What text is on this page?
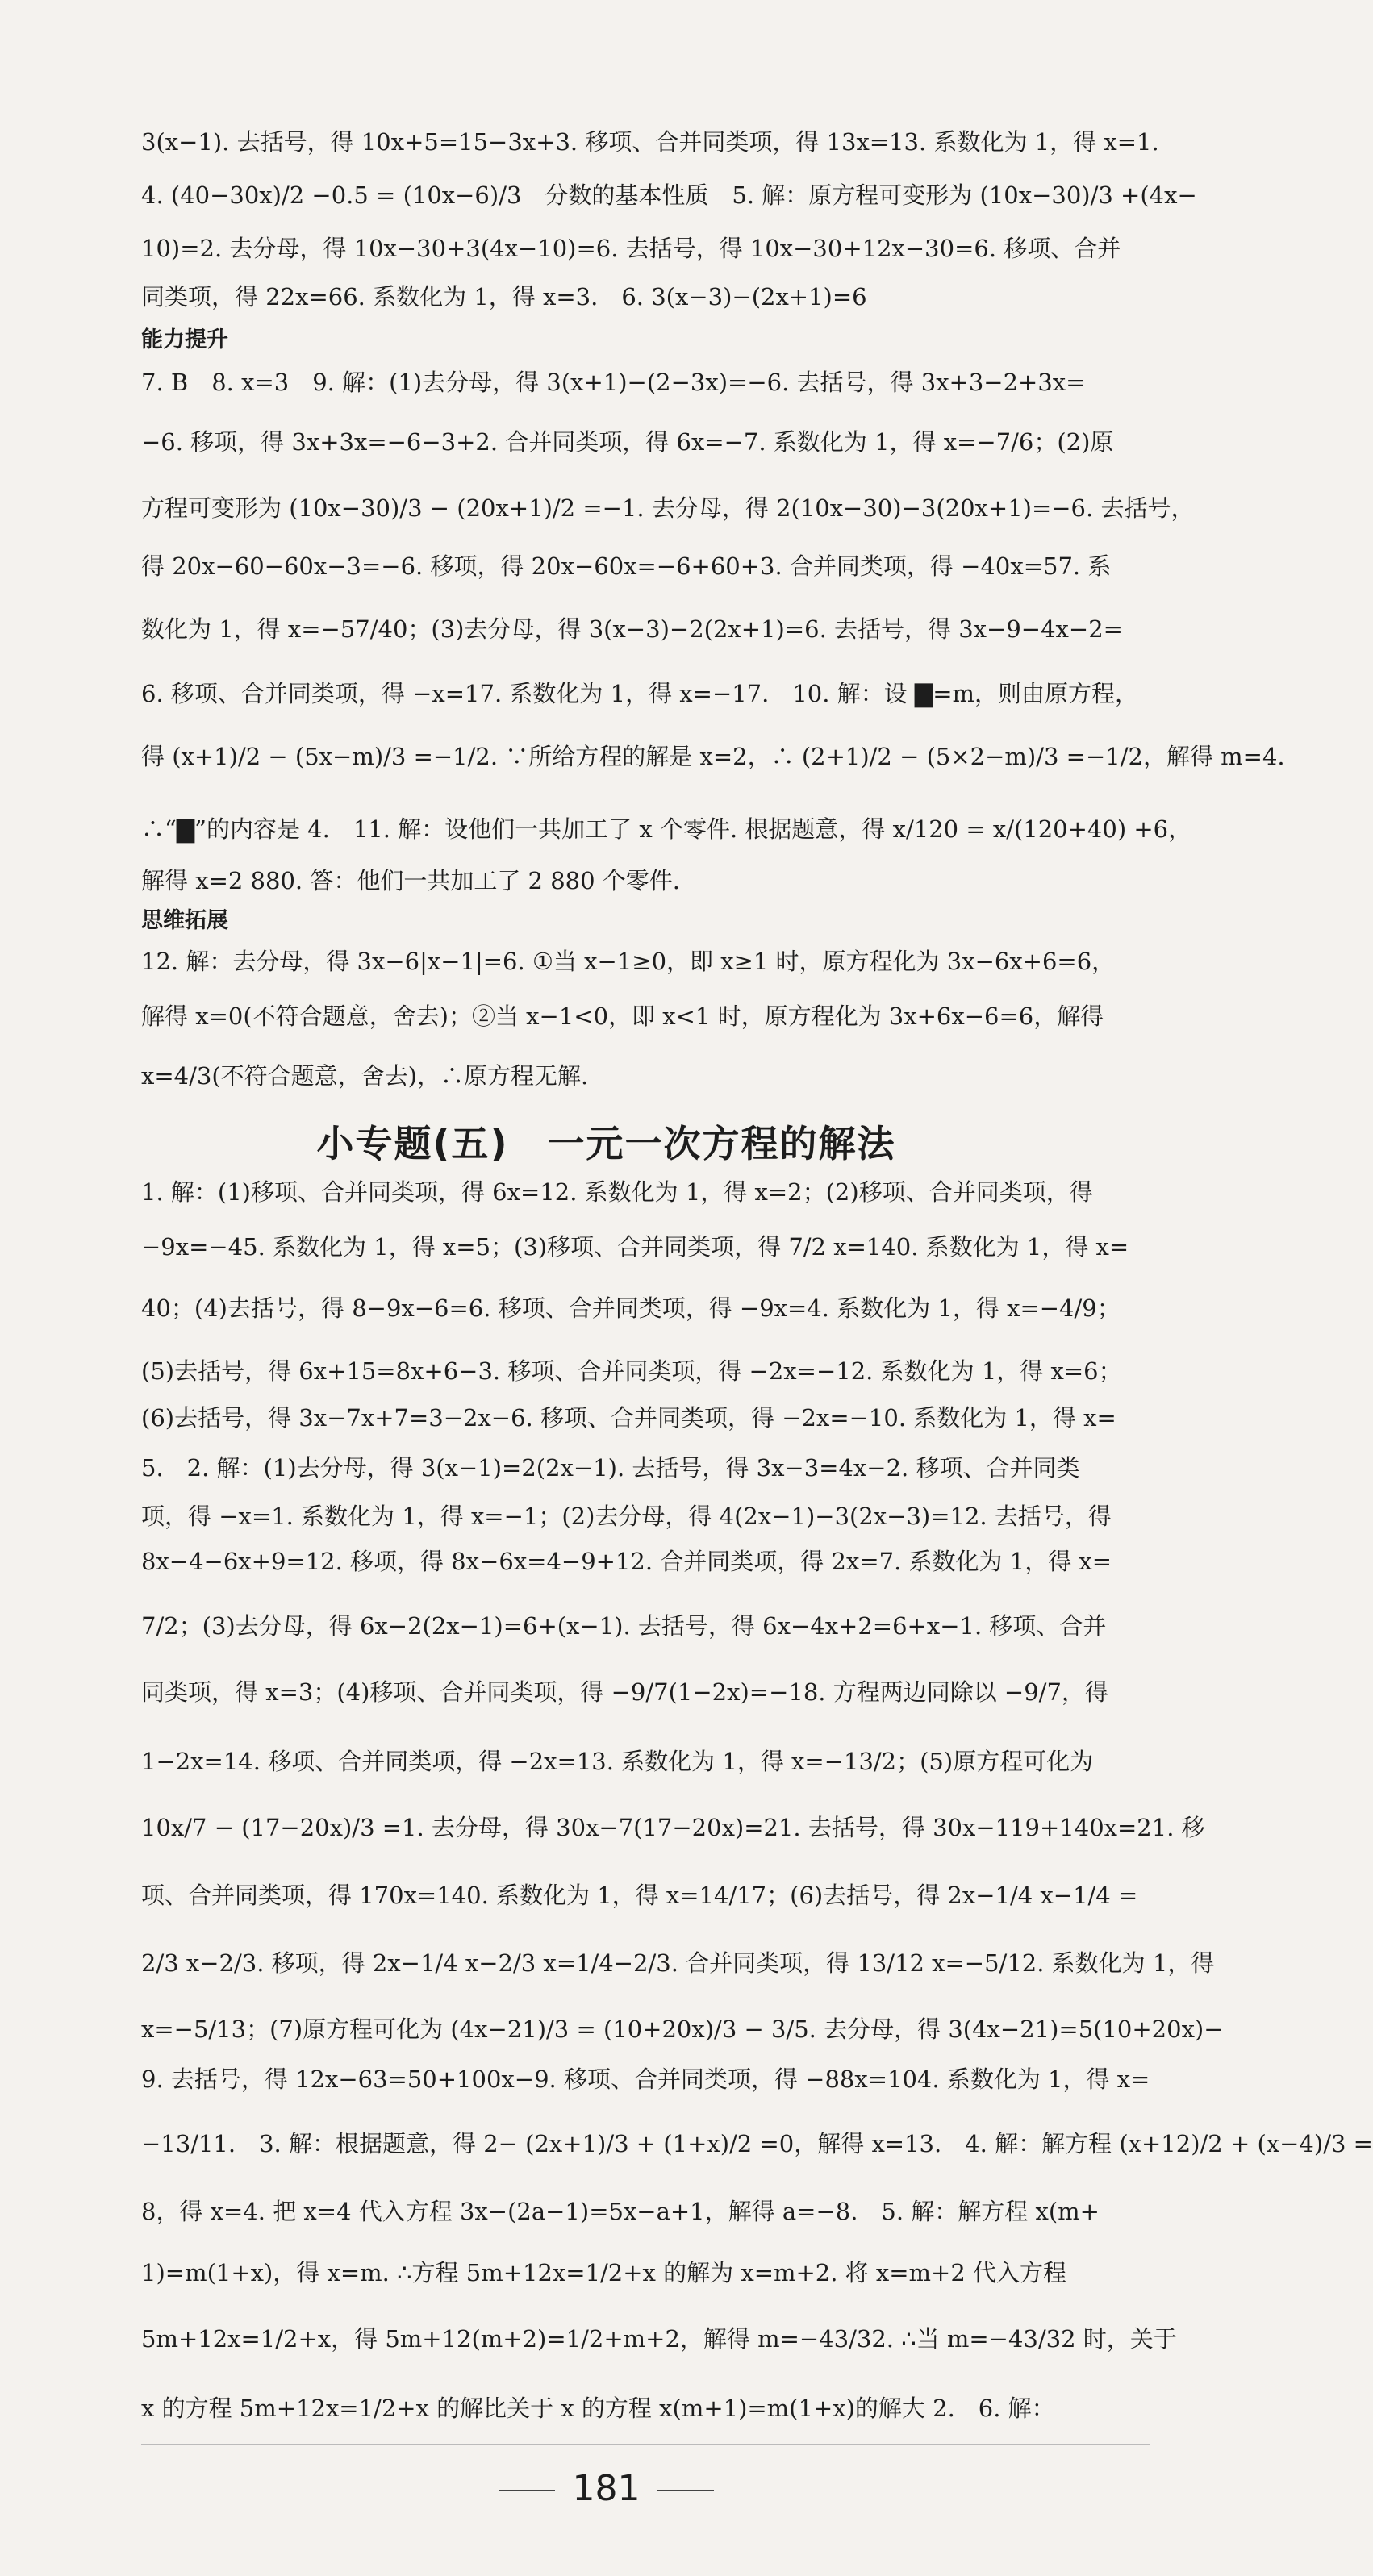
3(x−1). 去括号，得 10x+5=15−3x+3. 移项、合并同类项，得 13x=13. 系数化为 1，得 x=1.
4. (40−30x)/2 −0.5 = (10x−6)/3　分数的基本性质　5. 解：原方程可变形为 (10x−30)/3 +(4x−
10)=2. 去分母，得 10x−30+3(4x−10)=6. 去括号，得 10x−30+12x−30=6. 移项、合并
同类项，得 22x=66. 系数化为 1，得 x=3.　6. 3(x−3)−(2x+1)=6
能力提升
7. B　8. x=3　9. 解：(1)去分母，得 3(x+1)−(2−3x)=−6. 去括号，得 3x+3−2+3x=
−6. 移项，得 3x+3x=−6−3+2. 合并同类项，得 6x=−7. 系数化为 1，得 x=−7/6；(2)原
方程可变形为 (10x−30)/3 − (20x+1)/2 =−1. 去分母，得 2(10x−30)−3(20x+1)=−6. 去括号，
得 20x−60−60x−3=−6. 移项，得 20x−60x=−6+60+3. 合并同类项，得 −40x=57. 系
数化为 1，得 x=−57/40；(3)去分母，得 3(x−3)−2(2x+1)=6. 去括号，得 3x−9−4x−2=
6. 移项、合并同类项，得 −x=17. 系数化为 1，得 x=−17.　10. 解：设 ▇=m，则由原方程，
得 (x+1)/2 − (5x−m)/3 =−1/2. ∵所给方程的解是 x=2，∴ (2+1)/2 − (5×2−m)/3 =−1/2，解得 m=4.
∴“▇”的内容是 4.　11. 解：设他们一共加工了 x 个零件. 根据题意，得 x/120 = x/(120+40) +6，
解得 x=2 880. 答：他们一共加工了 2 880 个零件.
思维拓展
12. 解：去分母，得 3x−6|x−1|=6. ①当 x−1≥0，即 x≥1 时，原方程化为 3x−6x+6=6，
解得 x=0(不符合题意，舍去)；②当 x−1<0，即 x<1 时，原方程化为 3x+6x−6=6，解得
x=4/3(不符合题意，舍去)，∴原方程无解.
小专题(五)　一元一次方程的解法
1. 解：(1)移项、合并同类项，得 6x=12. 系数化为 1，得 x=2；(2)移项、合并同类项，得
−9x=−45. 系数化为 1，得 x=5；(3)移项、合并同类项，得 7/2 x=140. 系数化为 1，得 x=
40；(4)去括号，得 8−9x−6=6. 移项、合并同类项，得 −9x=4. 系数化为 1，得 x=−4/9；
(5)去括号，得 6x+15=8x+6−3. 移项、合并同类项，得 −2x=−12. 系数化为 1，得 x=6；
(6)去括号，得 3x−7x+7=3−2x−6. 移项、合并同类项，得 −2x=−10. 系数化为 1，得 x=
5.　2. 解：(1)去分母，得 3(x−1)=2(2x−1). 去括号，得 3x−3=4x−2. 移项、合并同类
项，得 −x=1. 系数化为 1，得 x=−1；(2)去分母，得 4(2x−1)−3(2x−3)=12. 去括号，得
8x−4−6x+9=12. 移项，得 8x−6x=4−9+12. 合并同类项，得 2x=7. 系数化为 1，得 x=
7/2；(3)去分母，得 6x−2(2x−1)=6+(x−1). 去括号，得 6x−4x+2=6+x−1. 移项、合并
同类项，得 x=3；(4)移项、合并同类项，得 −9/7(1−2x)=−18. 方程两边同除以 −9/7，得
1−2x=14. 移项、合并同类项，得 −2x=13. 系数化为 1，得 x=−13/2；(5)原方程可化为
10x/7 − (17−20x)/3 =1. 去分母，得 30x−7(17−20x)=21. 去括号，得 30x−119+140x=21. 移
项、合并同类项，得 170x=140. 系数化为 1，得 x=14/17；(6)去括号，得 2x−1/4 x−1/4 =
2/3 x−2/3. 移项，得 2x−1/4 x−2/3 x=1/4−2/3. 合并同类项，得 13/12 x=−5/12. 系数化为 1，得
x=−5/13；(7)原方程可化为 (4x−21)/3 = (10+20x)/3 − 3/5. 去分母，得 3(4x−21)=5(10+20x)−
9. 去括号，得 12x−63=50+100x−9. 移项、合并同类项，得 −88x=104. 系数化为 1，得 x=
−13/11.　3. 解：根据题意，得 2− (2x+1)/3 + (1+x)/2 =0，解得 x=13.　4. 解：解方程 (x+12)/2 + (x−4)/3 =
8，得 x=4. 把 x=4 代入方程 3x−(2a−1)=5x−a+1，解得 a=−8.　5. 解：解方程 x(m+
1)=m(1+x)，得 x=m. ∴方程 5m+12x=1/2+x 的解为 x=m+2. 将 x=m+2 代入方程
5m+12x=1/2+x，得 5m+12(m+2)=1/2+m+2，解得 m=−43/32. ∴当 m=−43/32 时，关于
x 的方程 5m+12x=1/2+x 的解比关于 x 的方程 x(m+1)=m(1+x)的解大 2.　6. 解：
181
